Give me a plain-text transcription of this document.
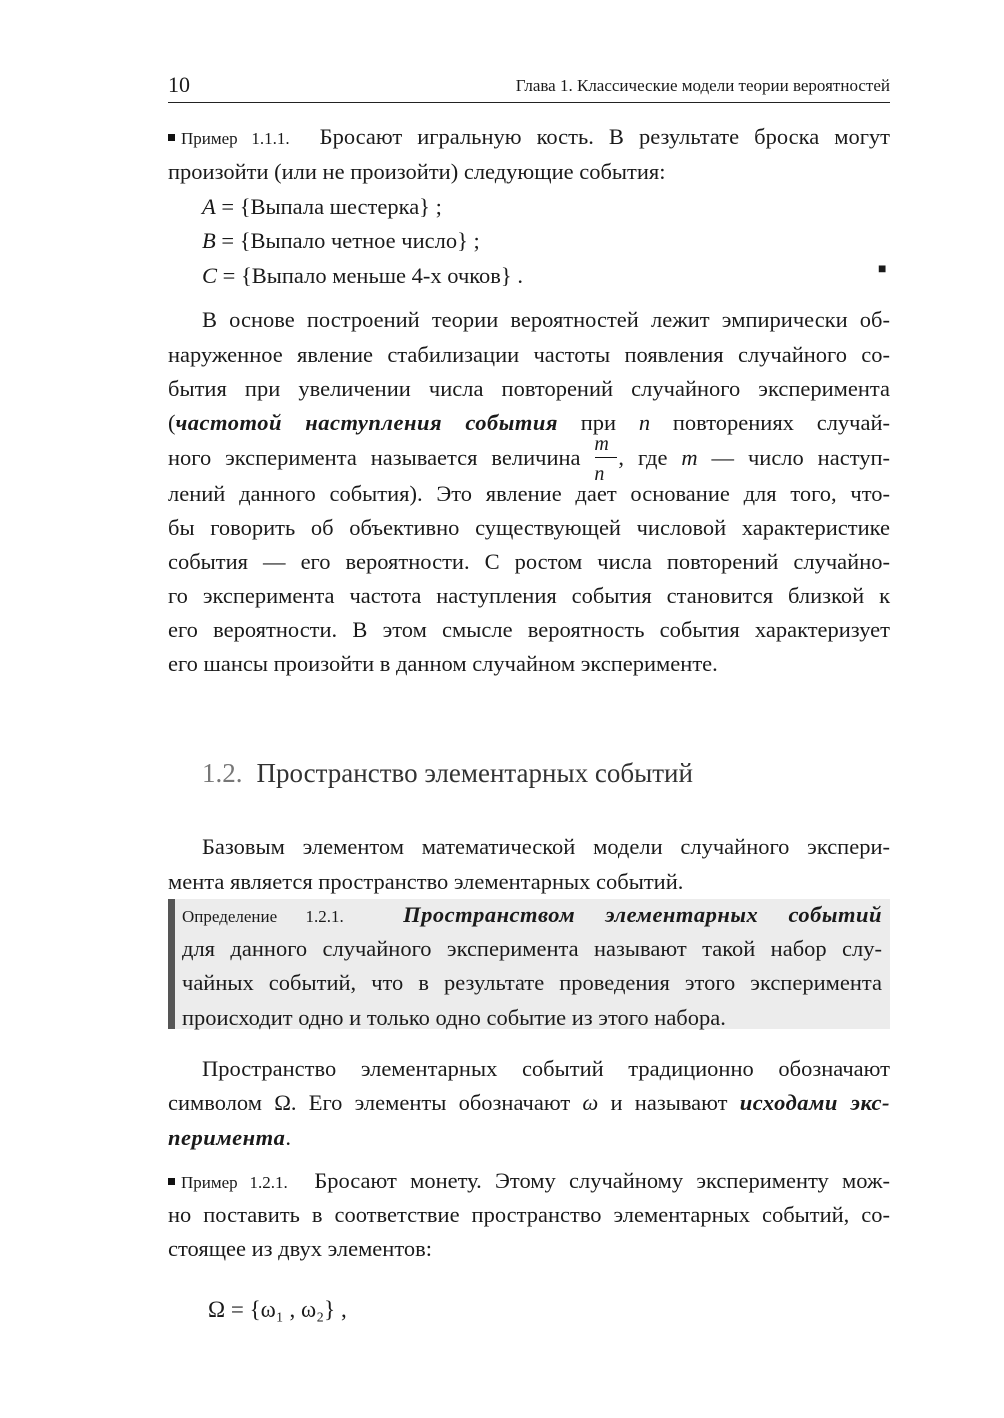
10	Глава 1. Классические модели теории вероятностей
Пример 1.1.1. Бросают игральную кость. В результате броска могут
произойти (или не произойти) следующие события:
A = {Выпала шестерка} ;
B = {Выпало четное число} ;
C = {Выпало меньше 4-х очков} .	■
В основе построений теории вероятностей лежит эмпирически об-
наруженное явление стабилизации частоты появления случайного со-
бытия при увеличении числа повторений случайного эксперимента
(частотой наступления события при n повторениях случай-
ного эксперимента называется величина $\frac{m}{n}$ , где m — число наступ-
лений данного события). Это явление дает основание для того, что-
бы говорить об объективно существующей числовой характеристике
события — его вероятности. С ростом числа повторений случайно-
го эксперимента частота наступления события становится близкой к
его вероятности. В этом смысле вероятность события характеризует
его шансы произойти в данном случайном эксперименте.
1.2. Пространство элементарных событий
Базовым элементом математической модели случайного экспери-
мента является пространство элементарных событий.
Определение 1.2.1.	Пространством элементарных событий
для данного случайного эксперимента называют такой набор слу-
чайных событий, что в результате проведения этого эксперимента
происходит одно и только одно событие из этого набора.
Пространство элементарных событий традиционно обозначают
символом Ω. Его элементы обозначают ω и называют исходами экс-
перимента.
Пример 1.2.1. Бросают монету. Этому случайному эксперименту мож-
но поставить в соответствие пространство элементарных событий, со-
стоящее из двух элементов:
Ω = {ω₁ , ω₂} ,
